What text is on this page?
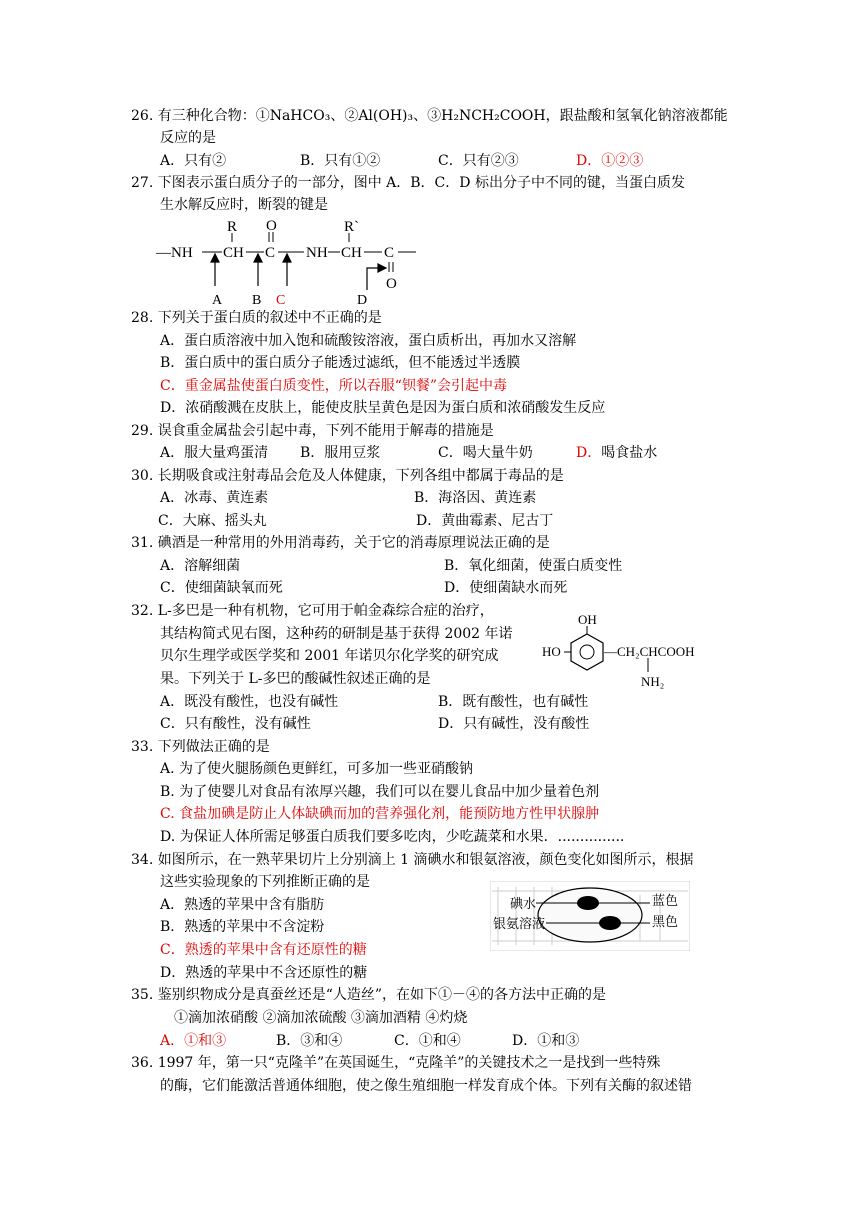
26. 有三种化合物：①NaHCO₃、②Al(OH)₃、③H₂NCH₂COOH，跟盐酸和氢氧化钠溶液都能
反应的是
A．只有②	B．只有①②	C．只有②③	D．①②③
27. 下图表示蛋白质分子的一部分，图中 A．B．C．D 标出分子中不同的键，当蛋白质发
生水解反应时，断裂的键是
R O	R`
—NH CH C NH CH C
O
A B C	D
28. 下列关于蛋白质的叙述中不正确的是
A．蛋白质溶液中加入饱和硫酸铵溶液，蛋白质析出，再加水又溶解
B．蛋白质中的蛋白质分子能透过滤纸，但不能透过半透膜
C．重金属盐使蛋白质变性，所以吞服“钡餐”会引起中毒
D．浓硝酸溅在皮肤上，能使皮肤呈黄色是因为蛋白质和浓硝酸发生反应
29. 误食重金属盐会引起中毒，下列不能用于解毒的措施是
A．服大量鸡蛋清 B．服用豆浆	C．喝大量牛奶	D．喝食盐水
30. 长期吸食或注射毒品会危及人体健康，下列各组中都属于毒品的是
A．冰毒、黄连素	B．海洛因、黄连素
C．大麻、摇头丸	D．黄曲霉素、尼古丁
31. 碘酒是一种常用的外用消毒药，关于它的消毒原理说法正确的是
A．溶解细菌	B．氧化细菌，使蛋白质变性
C．使细菌缺氧而死	D．使细菌缺水而死
32. L-多巴是一种有机物，它可用于帕金森综合症的治疗，
其结构简式见右图，这种药的研制是基于获得 2002 年诺
贝尔生理学或医学奖和 2001 年诺贝尔化学奖的研究成
果。下列关于 L-多巴的酸碱性叙述正确的是
A．既没有酸性，也没有碱性	B．既有酸性，也有碱性
C．只有酸性，没有碱性	D．只有碱性，没有酸性
OH
HO	—CH₂CHCOOH
NH₂
33. 下列做法正确的是
A. 为了使火腿肠颜色更鲜红，可多加一些亚硝酸钠
B. 为了使婴儿对食品有浓厚兴趣，我们可以在婴儿食品中加少量着色剂
C. 食盐加碘是防止人体缺碘而加的营养强化剂，能预防地方性甲状腺肿
D. 为保证人体所需足够蛋白质我们要多吃肉，少吃蔬菜和水果．...............
34. 如图所示，在一熟苹果切片上分别滴上 1 滴碘水和银氨溶液，颜色变化如图所示，根据
这些实验现象的下列推断正确的是
A．熟透的苹果中含有脂肪
B．熟透的苹果中不含淀粉
C．熟透的苹果中含有还原性的糖
D．熟透的苹果中不含还原性的糖
碘水
银氨溶液
蓝色
黑色
35. 鉴别织物成分是真蚕丝还是“人造丝”，在如下①－④的各方法中正确的是
①滴加浓硝酸 ②滴加浓硫酸 ③滴加酒精 ④灼烧
A．①和③	B．③和④	C．①和④	D．①和③
36. 1997 年，第一只“克隆羊”在英国诞生，“克隆羊”的关键技术之一是找到一些特殊
的酶，它们能激活普通体细胞，使之像生殖细胞一样发育成个体。下列有关酶的叙述错
